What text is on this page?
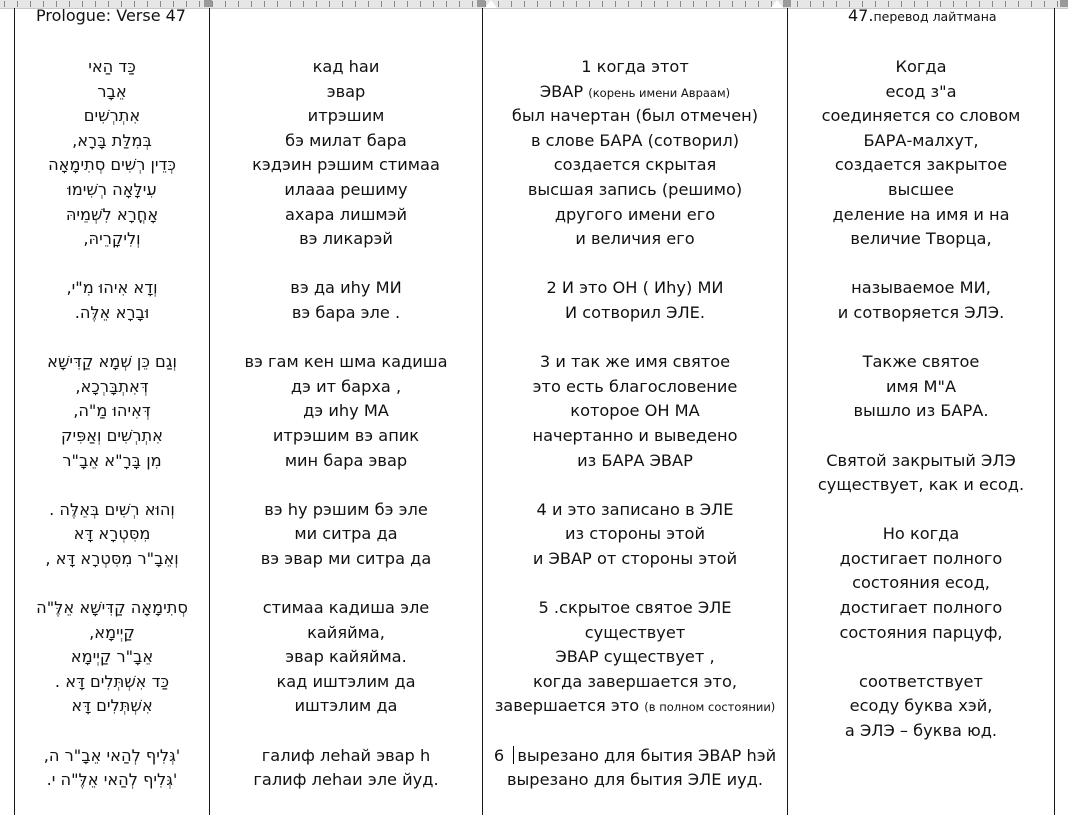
Prologue: Verse 47	47.перевод лайтмана
כַּד הַאי
אֵבָר
אִתְרְשִׁים
בְּמִלַּת בָּרָא,
כְּדֵין רְשִׁים סְתִימָאָה
עִילָּאָה רְשִׁימוּ
אָחֳרָא לִשְׁמֵיהּ
וְלִיקָרֵיהּ,
וְדָא אִיהוּ מִ"י,
וּבָרָא אֵלֶּה.
וְגַם כֵּן שְׁמָא קַדִּישָׁא
דְּאִתְבָּרְכָא,
דְּאִיהוּ מַ"ה,
אִתְרְשִׁים וְאַפִּיק
מִן בָּרָ"א אֵבָ"ר
וְהוּא רְשִׁים בְּאֵלֶּה .
מִסִּטְרָא דָּא
וְאֵבָ"ר מִסִּטְרָא דָּא ,
סְתִימָאָה קַדִּישָׁא אֵלֶּ"ה
קַיְימָא,
אֵבָ"ר קַיְימָא
כַּד אִשְׁתְּלִים דָּא .
אִשְׁתְּלִים דָּא
'גְּלִיף לְהַאי אֵבָ"ר ה,
'גְּלִיף לְהַאי אֵלֶּ"ה י.
кад hаи
эвар
итрэшим
бэ милат бара
кэдэин рэшим стимаа
илааа решиму
ахара лишмэй
вэ ликарэй
вэ да иhу МИ
вэ бара эле .
вэ гам кен шма кадиша
дэ ит барха ,
дэ иhу МА
итрэшим вэ апик
мин бара эвар
вэ hу рэшим бэ эле
ми ситра да
вэ эвар ми ситра да
стимаа кадиша эле
кайяйма,
эвар кайяйма.
кад иштэлим да
иштэлим да
галиф леhай эвар h
галиф леhаи эле йуд.
1 когда этот
ЭВАР (корень имени Авраам)
был начертан (был отмечен)
в слове БАРА (сотворил)
создается скрытая
высшая запись (решимо)
другого имени его
и величия его
2 И это ОН ( Иhу) МИ
И сотворил ЭЛЕ.
3 и так же имя святое
это есть благословение
которое ОН МА
начертанно и выведено
из БАРА ЭВАР
4 и это записано в ЭЛЕ
из стороны этой
и ЭВАР от стороны этой
5 .скрытое святое ЭЛЕ
существует
ЭВАР существует ,
когда завершается это,
завершается это (в полном состоянии)
6 вырезано для бытия ЭВАР hэй
вырезано для бытия ЭЛЕ иуд.
Когда
есод з"а
соединяется со словом
БАРА-малхут,
создается закрытое
высшее
деление на имя и на
величие Творца,
называемое МИ,
и сотворяется ЭЛЭ.
Также святое
имя М"А
вышло из БАРА.
Святой закрытый ЭЛЭ
существует, как и есод.
Но когда
достигает полного
состояния есод,
достигает полного
состояния парцуф,
соответствует
есоду буква хэй,
а ЭЛЭ – буква юд.
